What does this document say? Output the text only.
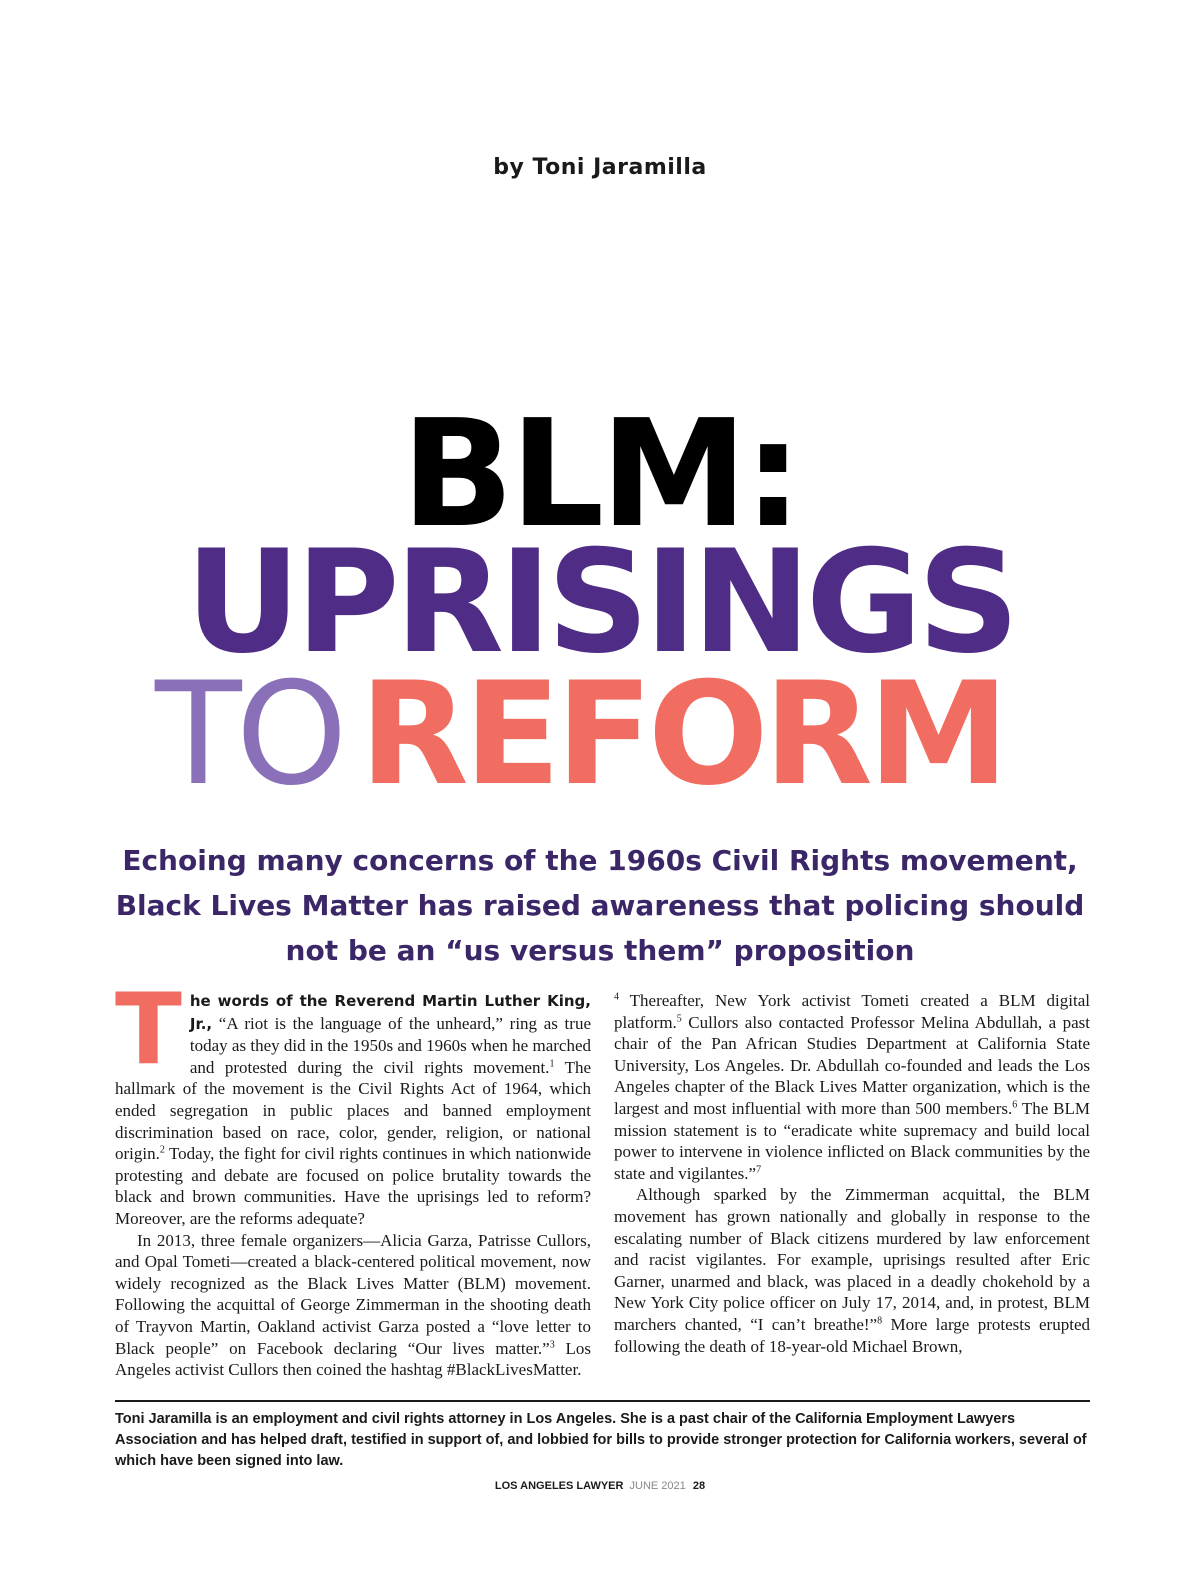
by Toni Jaramilla
BLM:
UPRISINGS
TO REFORM
Echoing many concerns of the 1960s Civil Rights movement, Black Lives Matter has raised awareness that policing should not be an “us versus them” proposition

The words of the Reverend Martin Luther King, Jr., “A riot is the language of the unheard,” ring as true today as they did in the 1950s and 1960s when he marched and protested during the civil rights movement.$^1$ The hallmark of the movement is the Civil Rights Act of 1964, which ended segregation in public places and banned employment discrimination based on race, color, gender, religion, or national origin.$^2$ Today, the fight for civil rights continues in which nationwide protesting and debate are focused on police brutality towards the black and brown communities. Have the uprisings led to reform? Moreover, are the reforms adequate?

In 2013, three female organizers—Alicia Garza, Patrisse Cullors, and Opal Tometi—created a black-centered political movement, now widely recognized as the Black Lives Matter (BLM) movement. Following the acquittal of George Zimmerman in the shooting death of Trayvon Martin, Oakland activist Garza posted a “love letter to Black people” on Facebook declaring “Our lives matter.”$^3$ Los Angeles activist Cullors then coined the hashtag #BlackLivesMatter.

$^4$ Thereafter, New York activist Tometi created a BLM digital platform.$^5$ Cullors also contacted Professor Melina Abdullah, a past chair of the Pan African Studies Department at California State University, Los Angeles. Dr. Abdullah co-founded and leads the Los Angeles chapter of the Black Lives Matter organization, which is the largest and most influential with more than 500 members.$^6$ The BLM mission statement is to “eradicate white supremacy and build local power to intervene in violence inflicted on Black communities by the state and vigilantes.”$^7$

Although sparked by the Zimmerman acquittal, the BLM movement has grown nationally and globally in response to the escalating number of Black citizens murdered by law enforcement and racist vigilantes. For example, uprisings resulted after Eric Garner, unarmed and black, was placed in a deadly chokehold by a New York City police officer on July 17, 2014, and, in protest, BLM marchers chanted, “I can’t breathe!”$^8$ More large protests erupted following the death of 18-year-old Michael Brown,

Toni Jaramilla is an employment and civil rights attorney in Los Angeles. She is a past chair of the California Employment Lawyers Association and has helped draft, testified in support of, and lobbied for bills to provide stronger protection for California workers, several of which have been signed into law.
LOS ANGELES LAWYER JUNE 2021 28
